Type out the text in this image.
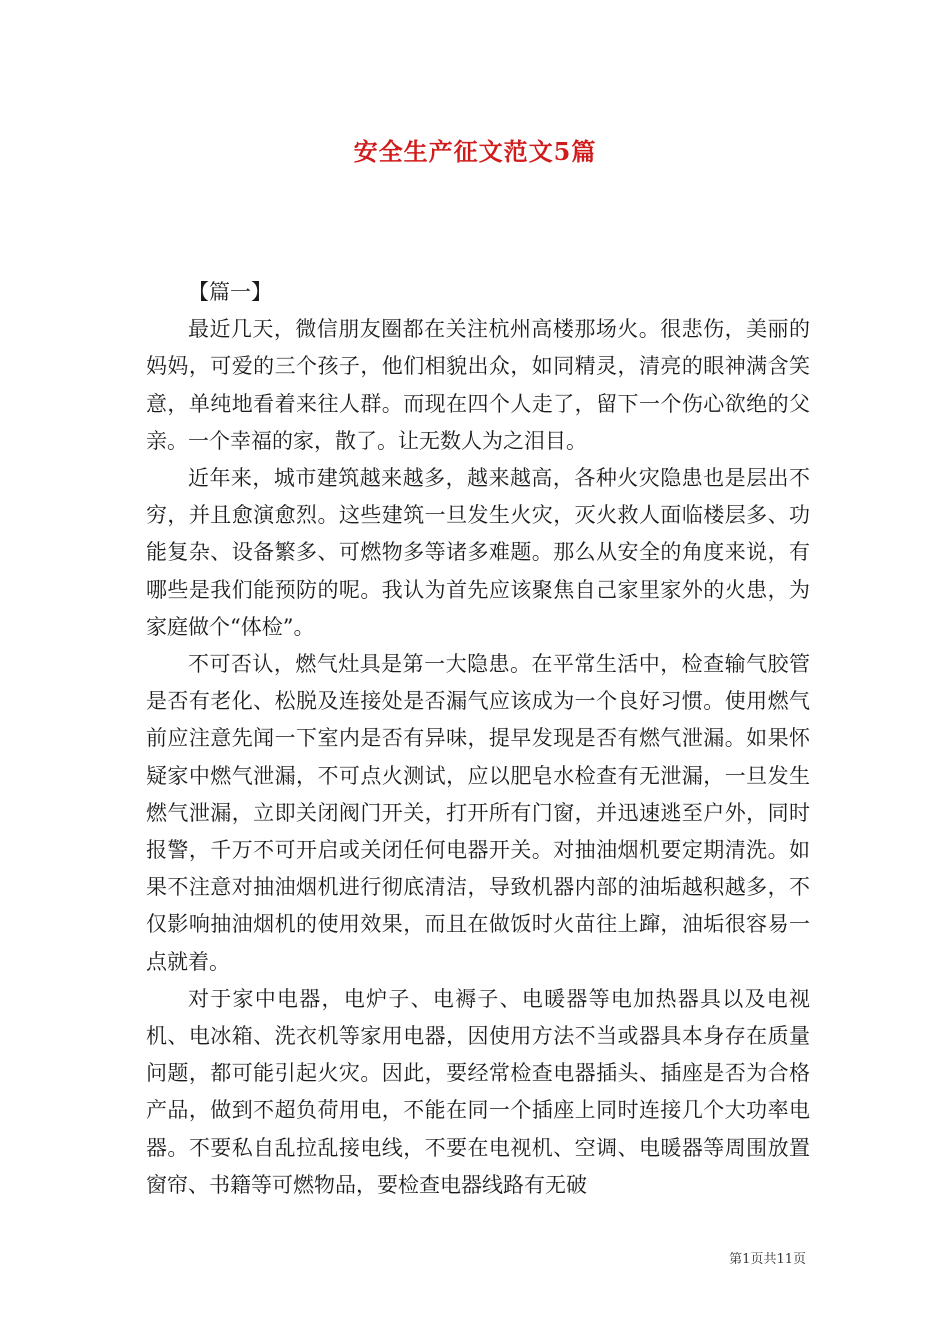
安全生产征文范文5篇

【篇一】

最近几天，微信朋友圈都在关注杭州高楼那场火。很悲伤，美丽的妈妈，可爱的三个孩子，他们相貌出众，如同精灵，清亮的眼神满含笑意，单纯地看着来往人群。而现在四个人走了，留下一个伤心欲绝的父亲。一个幸福的家，散了。让无数人为之泪目。

近年来，城市建筑越来越多，越来越高，各种火灾隐患也是层出不穷，并且愈演愈烈。这些建筑一旦发生火灾，灭火救人面临楼层多、功能复杂、设备繁多、可燃物多等诸多难题。那么从安全的角度来说，有哪些是我们能预防的呢。我认为首先应该聚焦自己家里家外的火患，为家庭做个“体检”。

不可否认，燃气灶具是第一大隐患。在平常生活中，检查输气胶管是否有老化、松脱及连接处是否漏气应该成为一个良好习惯。使用燃气前应注意先闻一下室内是否有异味，提早发现是否有燃气泄漏。如果怀疑家中燃气泄漏，不可点火测试，应以肥皂水检查有无泄漏，一旦发生燃气泄漏，立即关闭阀门开关，打开所有门窗，并迅速逃至户外，同时报警，千万不可开启或关闭任何电器开关。对抽油烟机要定期清洗。如果不注意对抽油烟机进行彻底清洁，导致机器内部的油垢越积越多，不仅影响抽油烟机的使用效果，而且在做饭时火苗往上蹿，油垢很容易一点就着。

对于家中电器，电炉子、电褥子、电暖器等电加热器具以及电视机、电冰箱、洗衣机等家用电器，因使用方法不当或器具本身存在质量问题，都可能引起火灾。因此，要经常检查电器插头、插座是否为合格产品，做到不超负荷用电，不能在同一个插座上同时连接几个大功率电器。不要私自乱拉乱接电线，不要在电视机、空调、电暖器等周围放置窗帘、书籍等可燃物品，要检查电器线路有无破

第1页共11页
